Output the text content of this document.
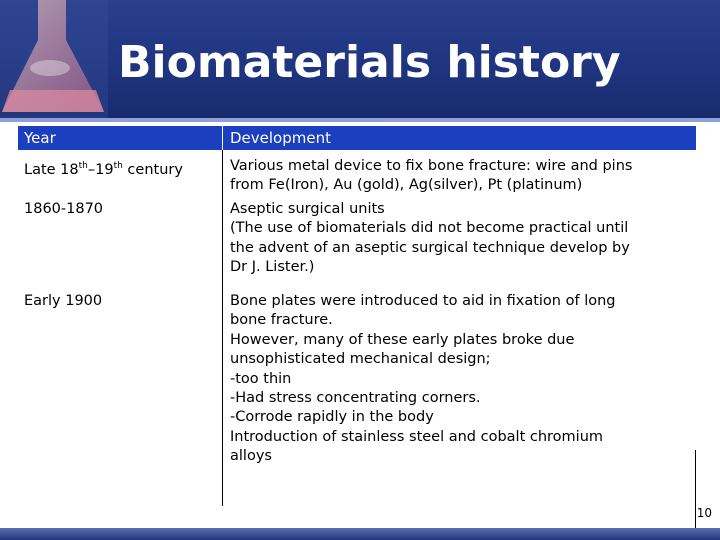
Biomaterials history
Year	Development
Late 18th–19th century	Various metal device to fix bone fracture: wire and pins
from Fe(Iron), Au (gold), Ag(silver), Pt (platinum)
1860-1870	Aseptic surgical units
(The use of biomaterials did not become practical until
the advent of an aseptic surgical technique develop by
Dr J. Lister.)
Early 1900	Bone plates were introduced to aid in fixation of long
bone fracture.
However, many of these early plates broke due
unsophisticated mechanical design;
-too thin
-Had stress concentrating corners.
-Corrode rapidly in the body
Introduction of stainless steel and cobalt chromium
alloys
10
